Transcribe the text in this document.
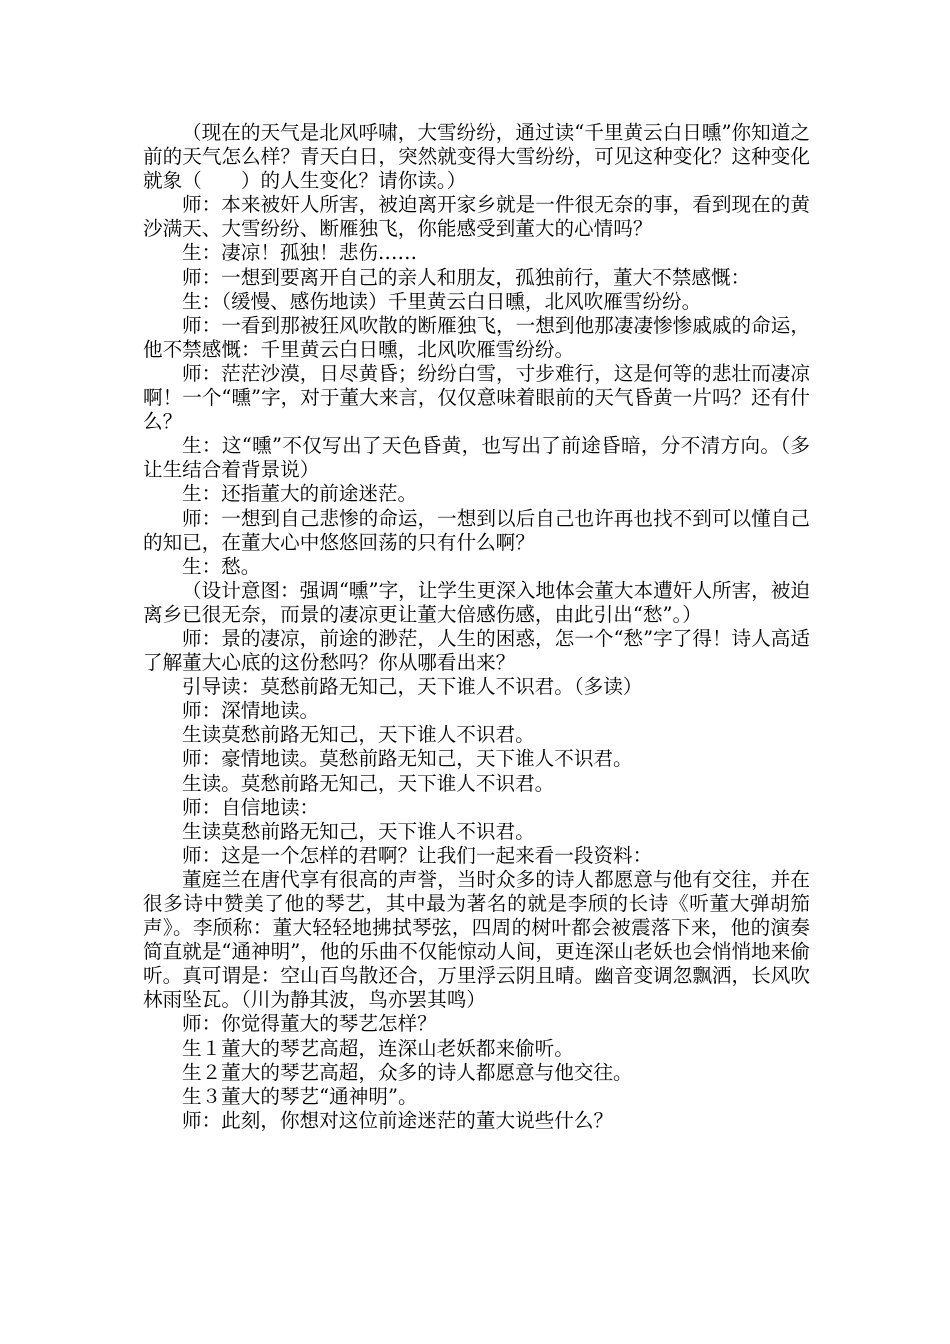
（现在的天气是北风呼啸，大雪纷纷，通过读“千里黄云白日曛”你知道之前的天气怎么样？青天白日，突然就变得大雪纷纷，可见这种变化？这种变化就象（　　）的人生变化？请你读。）

师：本来被奸人所害，被迫离开家乡就是一件很无奈的事，看到现在的黄沙满天、大雪纷纷、断雁独飞，你能感受到董大的心情吗？

生：凄凉！孤独！悲伤……

师：一想到要离开自己的亲人和朋友，孤独前行，董大不禁感慨：

生：（缓慢、感伤地读）千里黄云白日曛，北风吹雁雪纷纷。

师：一看到那被狂风吹散的断雁独飞，一想到他那凄凄惨惨戚戚的命运，他不禁感慨：千里黄云白日曛，北风吹雁雪纷纷。

师：茫茫沙漠，日尽黄昏；纷纷白雪，寸步难行，这是何等的悲壮而凄凉啊！一个“曛”字，对于董大来言，仅仅意味着眼前的天气昏黄一片吗？还有什么？

生：这“曛”不仅写出了天色昏黄，也写出了前途昏暗，分不清方向。（多让生结合着背景说）

生：还指董大的前途迷茫。

师：一想到自己悲惨的命运，一想到以后自己也许再也找不到可以懂自己的知已，在董大心中悠悠回荡的只有什么啊？

生：愁。

（设计意图：强调“曛”字，让学生更深入地体会董大本遭奸人所害，被迫离乡已很无奈，而景的凄凉更让董大倍感伤感，由此引出“愁”。）

师：景的凄凉，前途的渺茫，人生的困惑，怎一个“愁”字了得！诗人高适了解董大心底的这份愁吗？你从哪看出来？

引导读：莫愁前路无知己，天下谁人不识君。（多读）

师：深情地读。

生读莫愁前路无知己，天下谁人不识君。

师：豪情地读。莫愁前路无知己，天下谁人不识君。

生读。莫愁前路无知己，天下谁人不识君。

师：自信地读：

生读莫愁前路无知己，天下谁人不识君。

师：这是一个怎样的君啊？让我们一起来看一段资料：

董庭兰在唐代享有很高的声誉，当时众多的诗人都愿意与他有交往，并在很多诗中赞美了他的琴艺，其中最为著名的就是李颀的长诗《听董大弹胡笳声》。李颀称：董大轻轻地拂拭琴弦，四周的树叶都会被震落下来，他的演奏简直就是“通神明”，他的乐曲不仅能惊动人间，更连深山老妖也会悄悄地来偷听。真可谓是：空山百鸟散还合，万里浮云阴且晴。幽音变调忽飘洒，长风吹林雨坠瓦。（川为静其波，鸟亦罢其鸣）

师：你觉得董大的琴艺怎样？

生１董大的琴艺高超，连深山老妖都来偷听。

生２董大的琴艺高超，众多的诗人都愿意与他交往。

生３董大的琴艺“通神明”。

师：此刻，你想对这位前途迷茫的董大说些什么？
